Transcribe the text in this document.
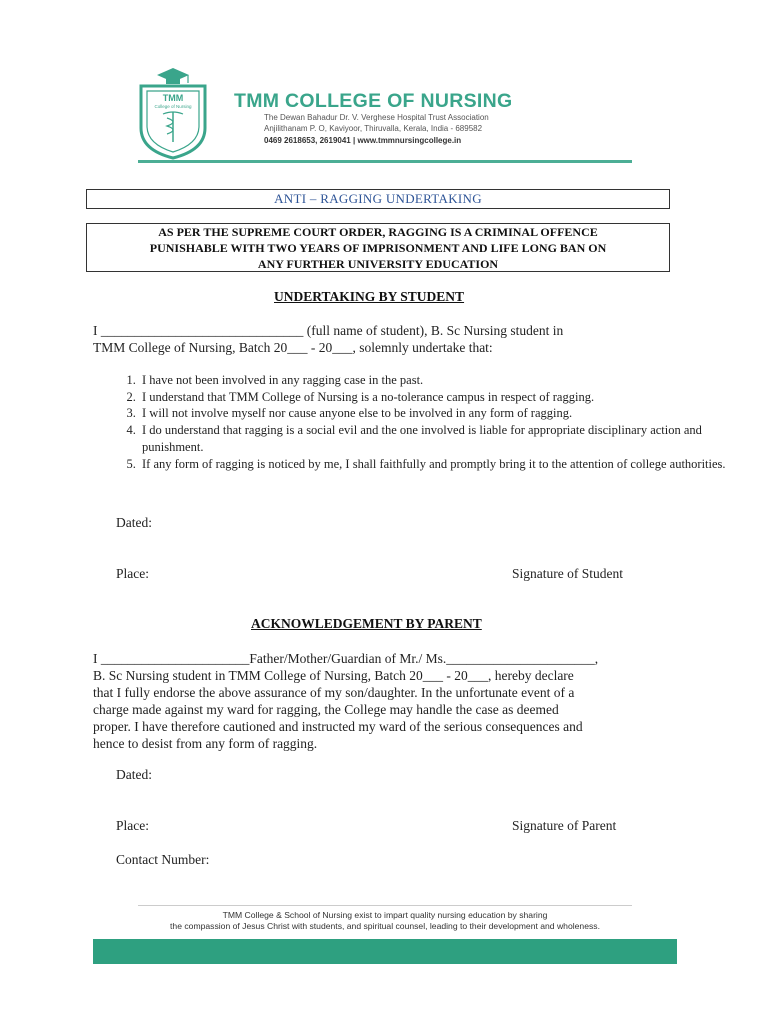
TMM
College of Nursing TMM COLLEGE OF NURSING
The Dewan Bahadur Dr. V. Verghese Hospital Trust Association
Anjilithanam P. O, Kaviyoor, Thiruvalla, Kerala, India - 689582
0469 2618653, 2619041 | www.tmmnursingcollege.in
ANTI – RAGGING UNDERTAKING
AS PER THE SUPREME COURT ORDER, RAGGING IS A CRIMINAL OFFENCE
PUNISHABLE WITH TWO YEARS OF IMPRISONMENT AND LIFE LONG BAN ON
ANY FURTHER UNIVERSITY EDUCATION
UNDERTAKING BY STUDENT
I ______________________________ (full name of student), B. Sc Nursing student in
TMM College of Nursing, Batch 20___ - 20___, solemnly undertake that:
1. I have not been involved in any ragging case in the past.
2. I understand that TMM College of Nursing is a no-tolerance campus in respect of ragging.
3. I will not involve myself nor cause anyone else to be involved in any form of ragging.
4. I do understand that ragging is a social evil and the one involved is liable for appropriate disciplinary action and punishment.
5. If any form of ragging is noticed by me, I shall faithfully and promptly bring it to the attention of college authorities.
Dated:
Place:	Signature of Student
ACKNOWLEDGEMENT BY PARENT
I ______________________Father/Mother/Guardian of Mr./ Ms.______________________,
B. Sc Nursing student in TMM College of Nursing, Batch 20___ - 20___, hereby declare
that I fully endorse the above assurance of my son/daughter. In the unfortunate event of a
charge made against my ward for ragging, the College may handle the case as deemed
proper. I have therefore cautioned and instructed my ward of the serious consequences and
hence to desist from any form of ragging.
Dated:
Place:	Signature of Parent
Contact Number:
TMM College & School of Nursing exist to impart quality nursing education by sharing
the compassion of Jesus Christ with students, and spiritual counsel, leading to their development and wholeness.
